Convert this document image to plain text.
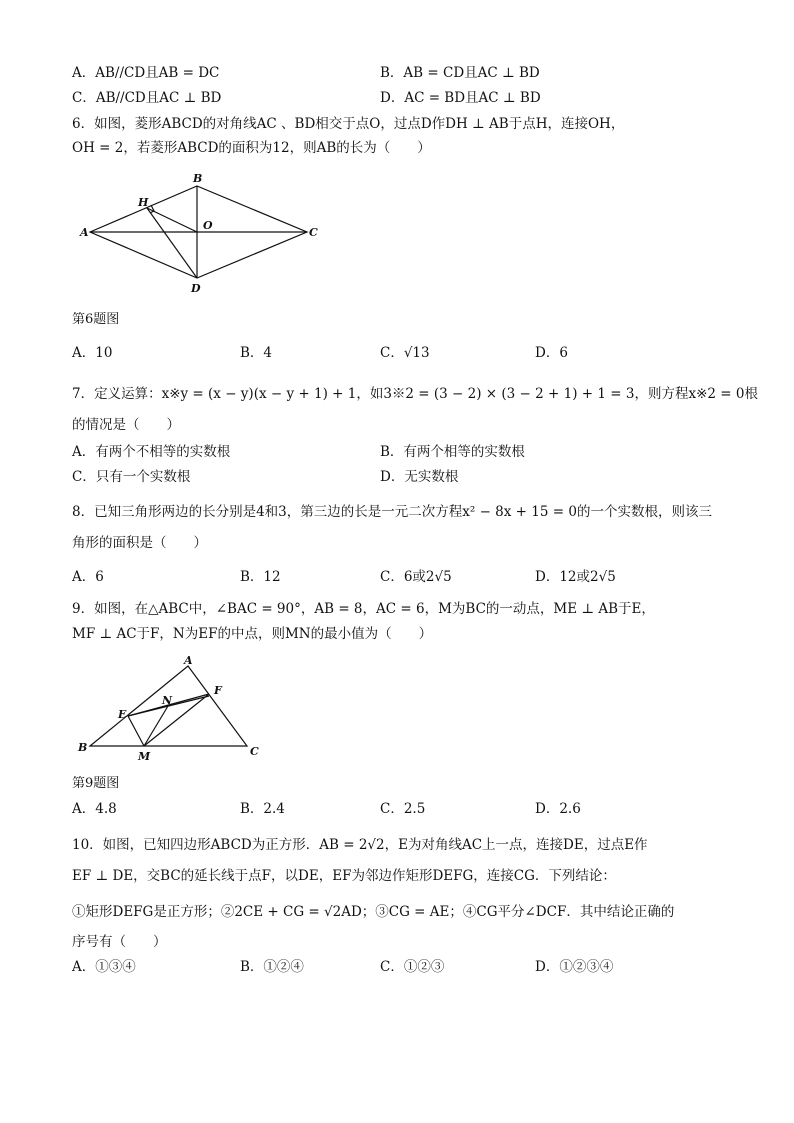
A．AB//CD且AB = DC	B．AB = CD且AC ⊥ BD
C．AB//CD且AC ⊥ BD	D．AC = BD且AC ⊥ BD
6．如图，菱形ABCD的对角线AC 、BD相交于点O，过点D作DH ⊥ AB于点H，连接OH，
OH = 2，若菱形ABCD的面积为12，则AB的长为（　　）
A
B
C
D
H
O
第6题图
A．10	B．4	C．√13	D．6
7．定义运算：x※y = (x − y)(x − y + 1) + 1，如3※2 = (3 − 2) × (3 − 2 + 1) + 1 = 3，则方程x※2 = 0根
的情况是（　　）
A．有两个不相等的实数根	B．有两个相等的实数根
C．只有一个实数根	D．无实数根
8．已知三角形两边的长分别是4和3，第三边的长是一元二次方程x² − 8x + 15 = 0的一个实数根，则该三
角形的面积是（　　）
A．6	B．12	C．6或2√5	D．12或2√5
9．如图，在△ABC中，∠BAC = 90°，AB = 8，AC = 6，M为BC的一动点，ME ⊥ AB于E，
MF ⊥ AC于F，N为EF的中点，则MN的最小值为（　　）
A
B	C
E
F
M
N
第9题图
A．4.8	B．2.4	C．2.5	D．2.6
10．如图，已知四边形ABCD为正方形．AB = 2√2，E为对角线AC上一点，连接DE，过点E作
EF ⊥ DE，交BC的延长线于点F，以DE，EF为邻边作矩形DEFG，连接CG．下列结论：
①矩形DEFG是正方形；②2CE + CG = √2AD；③CG = AE；④CG平分∠DCF．其中结论正确的
序号有（　　）
A．①③④	B．①②④	C．①②③	D．①②③④
